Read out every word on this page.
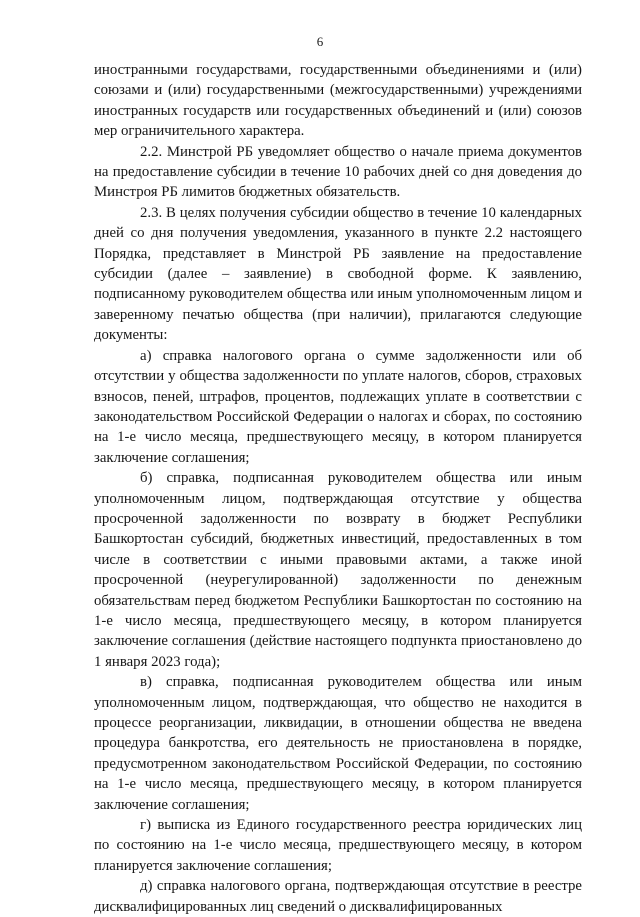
6

иностранными государствами, государственными объединениями и (или) союзами и (или) государственными (межгосударственными) учреждениями иностранных государств или государственных объединений и (или) союзов мер ограничительного характера.

2.2. Минстрой РБ уведомляет общество о начале приема документов на предоставление субсидии в течение 10 рабочих дней со дня доведения до Минстроя РБ лимитов бюджетных обязательств.

2.3. В целях получения субсидии общество в течение 10 календарных дней со дня получения уведомления, указанного в пункте 2.2 настоящего Порядка, представляет в Минстрой РБ заявление на предоставление субсидии (далее – заявление) в свободной форме. К заявлению, подписанному руководителем общества или иным уполномоченным лицом и заверенному печатью общества (при наличии), прилагаются следующие документы:

а) справка налогового органа о сумме задолженности или об отсутствии у общества задолженности по уплате налогов, сборов, страховых взносов, пеней, штрафов, процентов, подлежащих уплате в соответствии с законодательством Российской Федерации о налогах и сборах, по состоянию на 1-е число месяца, предшествующего месяцу, в котором планируется заключение соглашения;

б) справка, подписанная руководителем общества или иным уполномоченным лицом, подтверждающая отсутствие у общества просроченной задолженности по возврату в бюджет Республики Башкортостан субсидий, бюджетных инвестиций, предоставленных в том числе в соответствии с иными правовыми актами, а также иной просроченной (неурегулированной) задолженности по денежным обязательствам перед бюджетом Республики Башкортостан по состоянию на 1-е число месяца, предшествующего месяцу, в котором планируется заключение соглашения (действие настоящего подпункта приостановлено до 1 января 2023 года);

в) справка, подписанная руководителем общества или иным уполномоченным лицом, подтверждающая, что общество не находится в процессе реорганизации, ликвидации, в отношении общества не введена процедура банкротства, его деятельность не приостановлена в порядке, предусмотренном законодательством Российской Федерации, по состоянию на 1-е число месяца, предшествующего месяцу, в котором планируется заключение соглашения;

г) выписка из Единого государственного реестра юридических лиц по состоянию на 1-е число месяца, предшествующего месяцу, в котором планируется заключение соглашения;

д) справка налогового органа, подтверждающая отсутствие в реестре дисквалифицированных лиц сведений о дисквалифицированных
